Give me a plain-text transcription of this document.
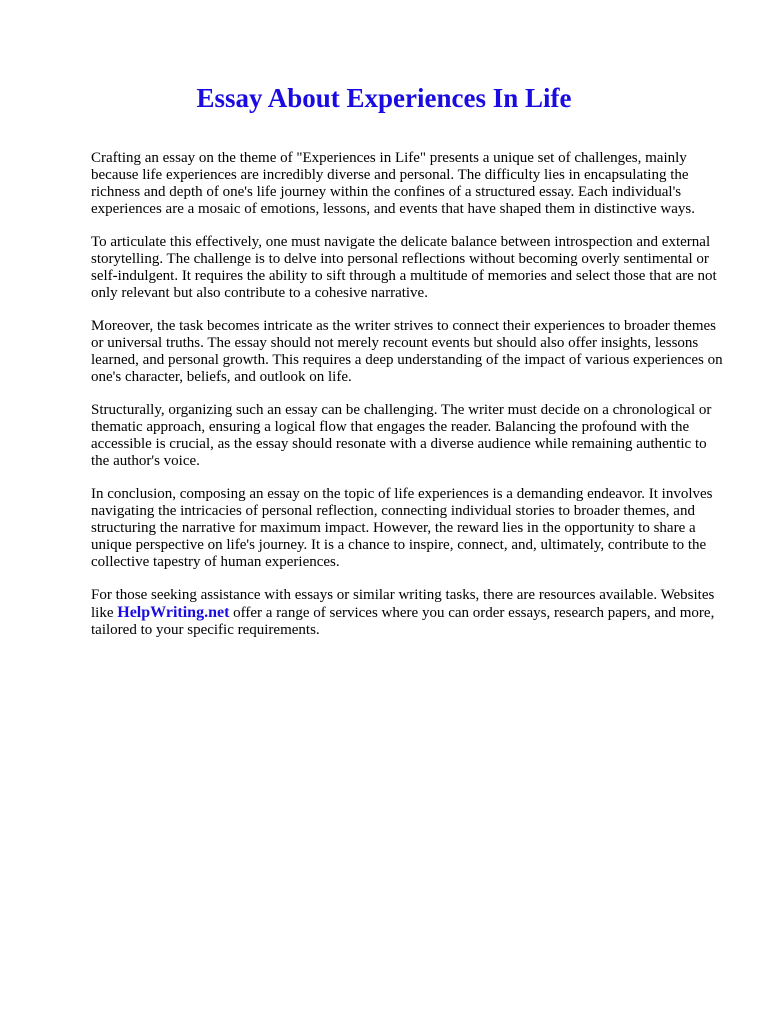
Essay About Experiences In Life

Crafting an essay on the theme of "Experiences in Life" presents a unique set of challenges, mainly because life experiences are incredibly diverse and personal. The difficulty lies in encapsulating the richness and depth of one's life journey within the confines of a structured essay. Each individual's experiences are a mosaic of emotions, lessons, and events that have shaped them in distinctive ways.

To articulate this effectively, one must navigate the delicate balance between introspection and external storytelling. The challenge is to delve into personal reflections without becoming overly sentimental or self-indulgent. It requires the ability to sift through a multitude of memories and select those that are not only relevant but also contribute to a cohesive narrative.

Moreover, the task becomes intricate as the writer strives to connect their experiences to broader themes or universal truths. The essay should not merely recount events but should also offer insights, lessons learned, and personal growth. This requires a deep understanding of the impact of various experiences on one's character, beliefs, and outlook on life.

Structurally, organizing such an essay can be challenging. The writer must decide on a chronological or thematic approach, ensuring a logical flow that engages the reader. Balancing the profound with the accessible is crucial, as the essay should resonate with a diverse audience while remaining authentic to the author's voice.

In conclusion, composing an essay on the topic of life experiences is a demanding endeavor. It involves navigating the intricacies of personal reflection, connecting individual stories to broader themes, and structuring the narrative for maximum impact. However, the reward lies in the opportunity to share a unique perspective on life's journey. It is a chance to inspire, connect, and, ultimately, contribute to the collective tapestry of human experiences.

For those seeking assistance with essays or similar writing tasks, there are resources available. Websites like HelpWriting.net offer a range of services where you can order essays, research papers, and more, tailored to your specific requirements.
